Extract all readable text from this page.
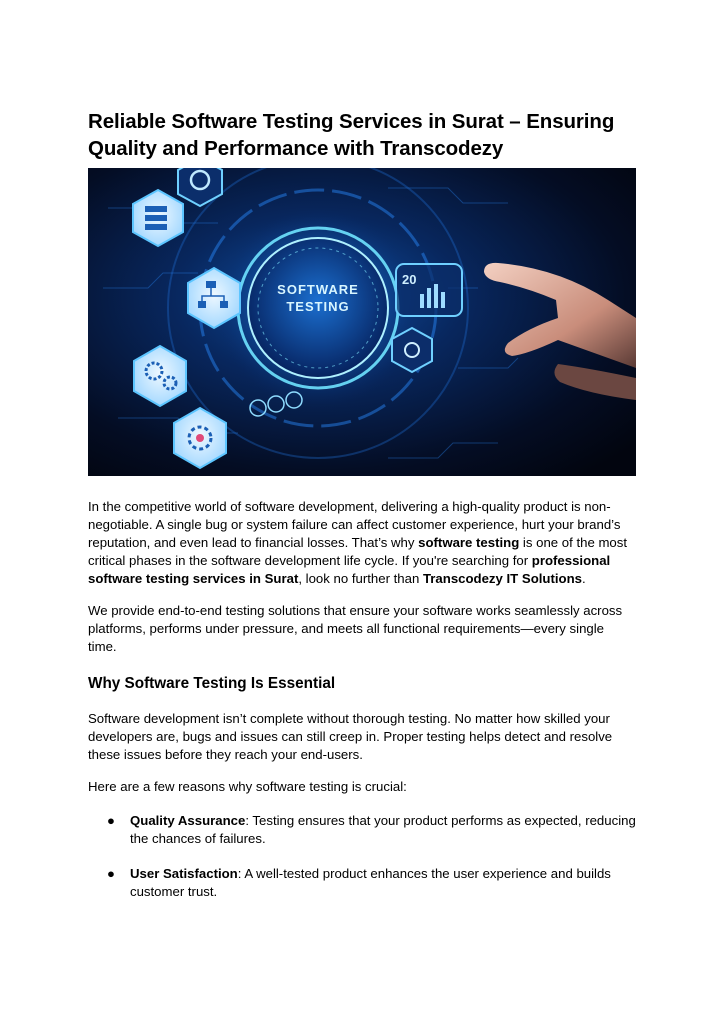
Reliable Software Testing Services in Surat – Ensuring Quality and Performance with Transcodezy
SOFTWARE
TESTING
20

In the competitive world of software development, delivering a high-quality product is non-negotiable. A single bug or system failure can affect customer experience, hurt your brand’s reputation, and even lead to financial losses. That’s why software testing is one of the most critical phases in the software development life cycle. If you're searching for professional software testing services in Surat, look no further than Transcodezy IT Solutions.

We provide end-to-end testing solutions that ensure your software works seamlessly across platforms, performs under pressure, and meets all functional requirements—every single time.

Why Software Testing Is Essential

Software development isn’t complete without thorough testing. No matter how skilled your developers are, bugs and issues can still creep in. Proper testing helps detect and resolve these issues before they reach your end-users.

Here are a few reasons why software testing is crucial:

● Quality Assurance: Testing ensures that your product performs as expected, reducing the chances of failures.
● User Satisfaction: A well-tested product enhances the user experience and builds customer trust.
